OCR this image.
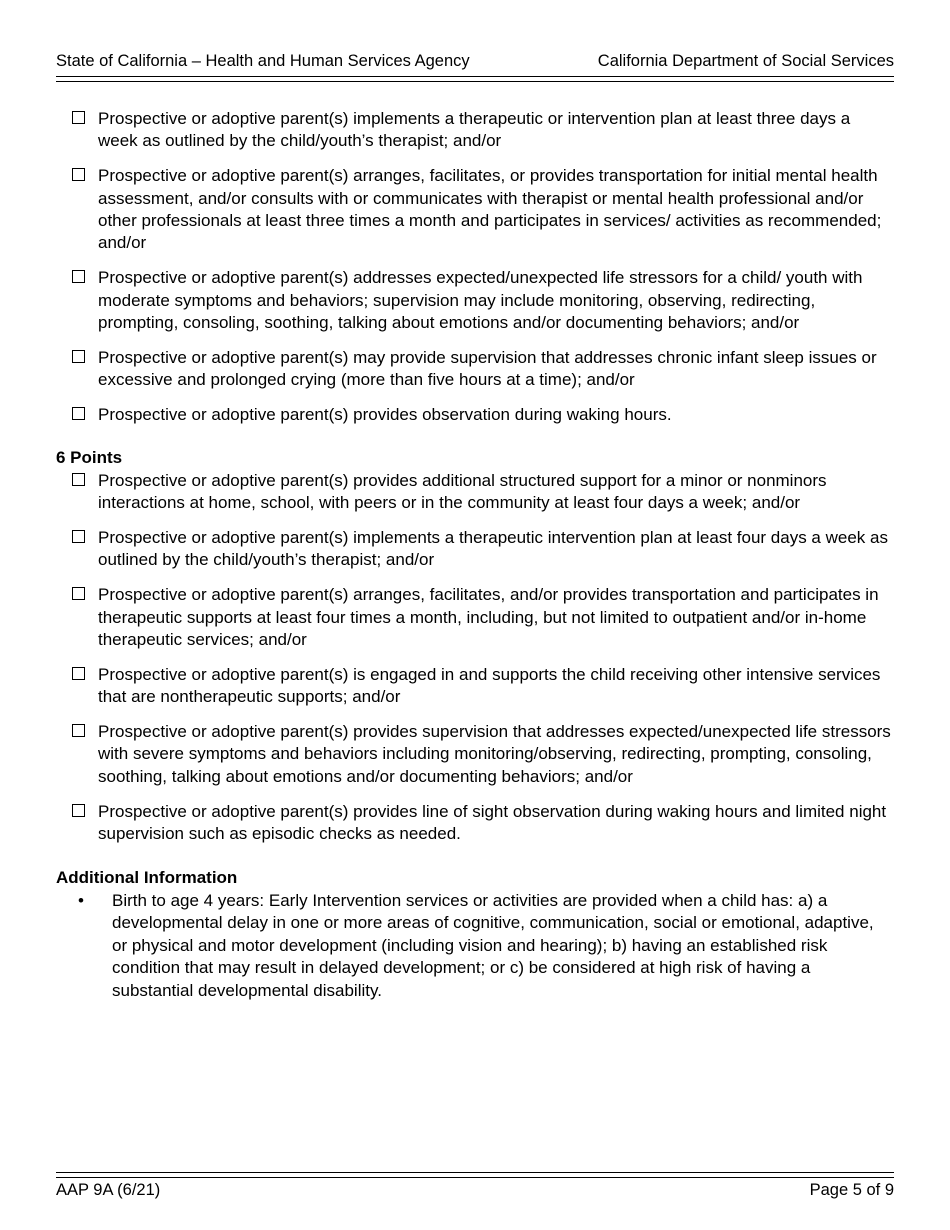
State of California – Health and Human Services Agency	California Department of Social Services
Prospective or adoptive parent(s) implements a therapeutic or intervention plan at least three days a week as outlined by the child/youth’s therapist; and/or
Prospective or adoptive parent(s) arranges, facilitates, or provides transportation for initial mental health assessment, and/or consults with or communicates with therapist or mental health professional and/or other professionals at least three times a month and participates in services/ activities as recommended; and/or
Prospective or adoptive parent(s) addresses expected/unexpected life stressors for a child/ youth with moderate symptoms and behaviors; supervision may include monitoring, observing, redirecting, prompting, consoling, soothing, talking about emotions and/or documenting behaviors; and/or
Prospective or adoptive parent(s) may provide supervision that addresses chronic infant sleep issues or excessive and prolonged crying (more than five hours at a time); and/or
Prospective or adoptive parent(s) provides observation during waking hours.
6 Points
Prospective or adoptive parent(s) provides additional structured support for a minor or nonminors interactions at home, school, with peers or in the community at least four days a week; and/or
Prospective or adoptive parent(s) implements a therapeutic intervention plan at least four days a week as outlined by the child/youth’s therapist; and/or
Prospective or adoptive parent(s) arranges, facilitates, and/or provides transportation and participates in therapeutic supports at least four times a month, including, but not limited to outpatient and/or in-home therapeutic services; and/or
Prospective or adoptive parent(s) is engaged in and supports the child receiving other intensive services that are nontherapeutic supports; and/or
Prospective or adoptive parent(s) provides supervision that addresses expected/unexpected life stressors with severe symptoms and behaviors including monitoring/observing, redirecting, prompting, consoling, soothing, talking about emotions and/or documenting behaviors; and/or
Prospective or adoptive parent(s) provides line of sight observation during waking hours and limited night supervision such as episodic checks as needed.
Additional Information
• Birth to age 4 years: Early Intervention services or activities are provided when a child has: a) a developmental delay in one or more areas of cognitive, communication, social or emotional, adaptive, or physical and motor development (including vision and hearing); b) having an established risk condition that may result in delayed development; or c) be considered at high risk of having a substantial developmental disability.
AAP 9A (6/21)	Page 5 of 9
